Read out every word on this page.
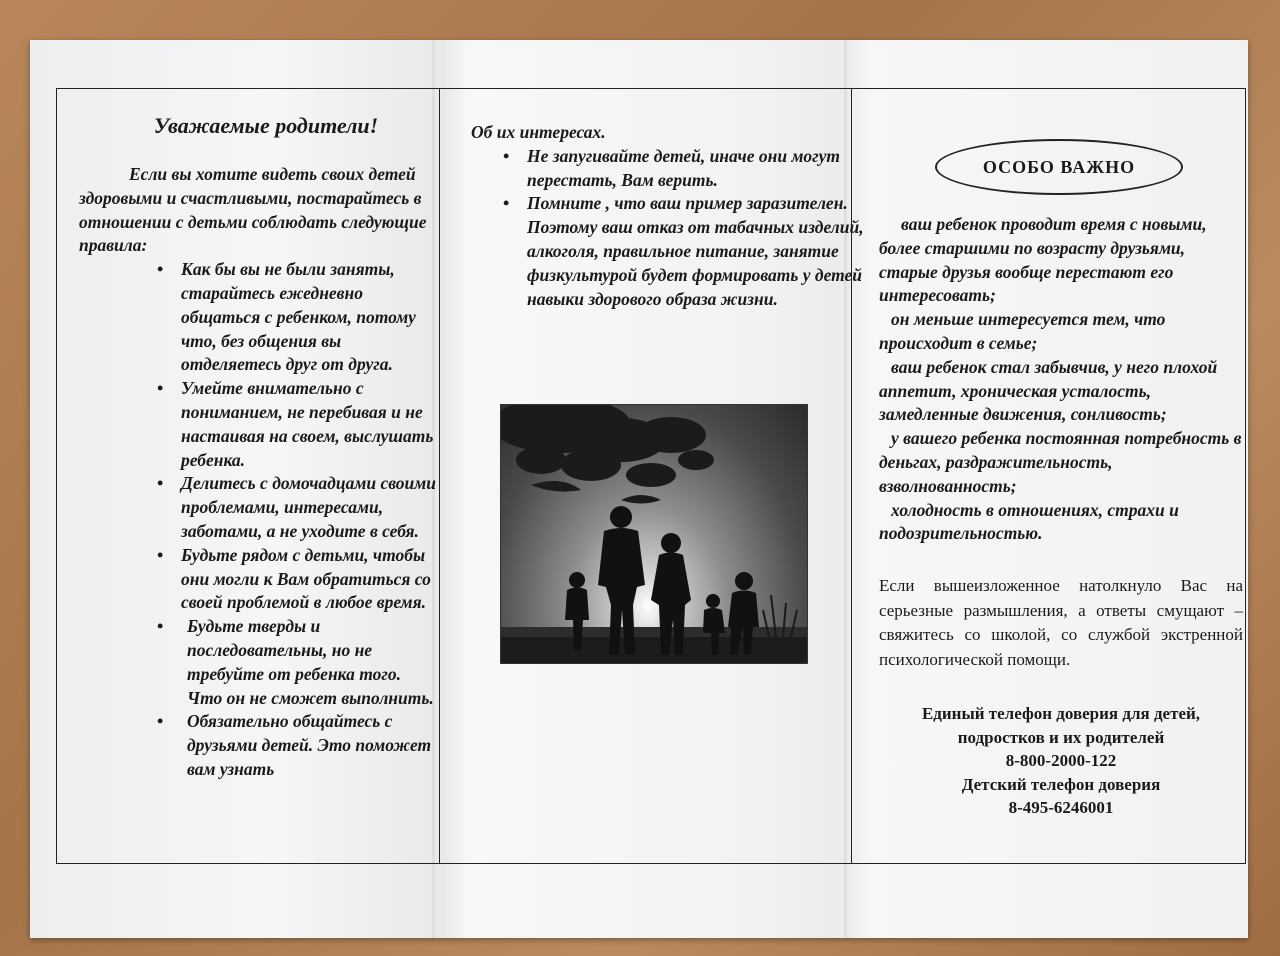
Уважаемые родители!

Если вы хотите видеть своих детей здоровыми и счастливыми, постарайтесь в отношении с детьми соблюдать следующие правила:

• Как бы вы не были заняты, старайтесь ежедневно общаться с ребенком, потому что, без общения вы отделяетесь друг от друга.
• Умейте внимательно с пониманием, не перебивая и не настаивая на своем, выслушать ребенка.
• Делитесь с домочадцами своими проблемами, интересами, заботами, а не уходите в себя.
• Будьте рядом с детьми, чтобы они могли к Вам обратиться со своей проблемой в любое время.
• Будьте тверды и последовательны, но не требуйте от ребенка того. Что он не сможет выполнить.
• Обязательно общайтесь с друзьями детей. Это поможет вам узнать

Об их интересах.

• Не запугивайте детей, иначе они могут перестать, Вам верить.
• Помните , что ваш пример заразителен. Поэтому ваш отказ от табачных изделий, алкоголя, правильное питание, занятие физкультурой будет формировать у детей навыки здорового образа жизни.
ОСОБО ВАЖНО

ваш ребенок проводит время с новыми, более старшими по возрасту друзьями, старые друзья вообще перестают его интересовать;

он меньше интересуется тем, что происходит в семье;

ваш ребенок стал забывчив, у него плохой аппетит, хроническая усталость, замедленные движения, сонливость;

у вашего ребенка постоянная потребность в деньгах, раздражительность, взволнованность;

холодность в отношениях, страхи и подозрительностью.

Если вышеизложенное натолкнуло Вас на серьезные размышления, а ответы смущают – свяжитесь со школой, со службой экстренной психологической помощи.

Единый телефон доверия для детей,
подростков и их родителей
8-800-2000-122
Детский телефон доверия
8-495-6246001
